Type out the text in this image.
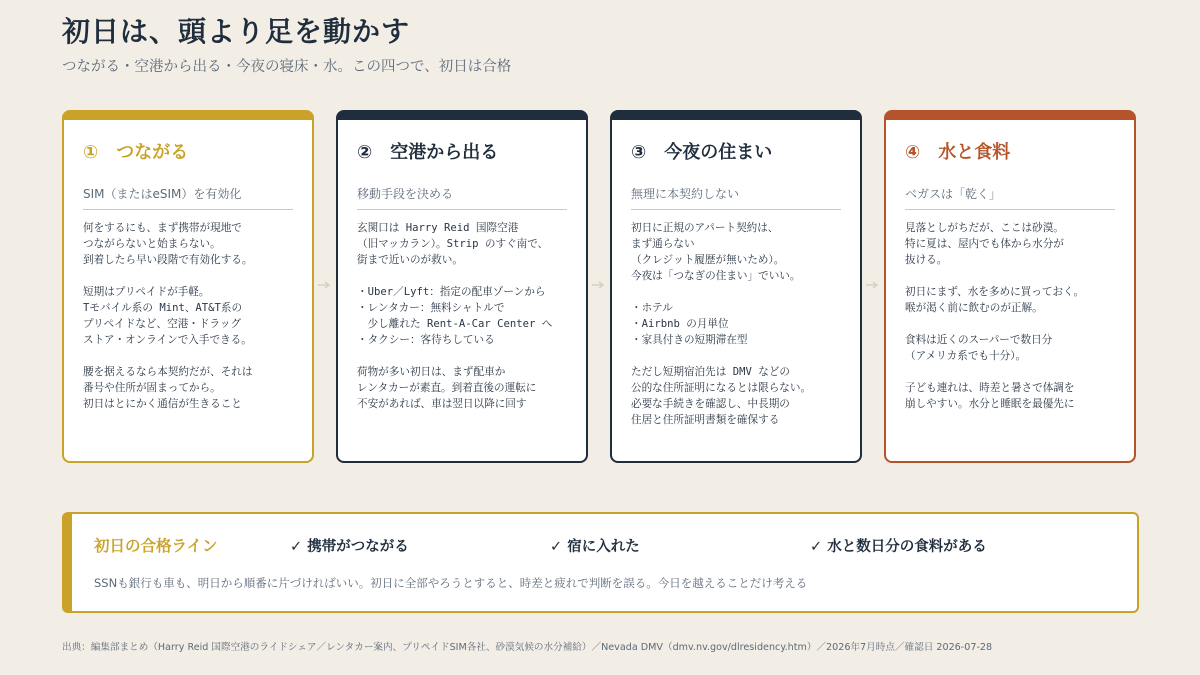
初日は、頭より足を動かす
つながる・空港から出る・今夜の寝床・水。この四つで、初日は合格
①　つながる
SIM（またはeSIM）を有効化
何をするにも、まず携帯が現地で
つながらないと始まらない。
到着したら早い段階で有効化する。

短期はプリペイドが手軽。
Tモバイル系の Mint、AT&T系の
プリペイドなど、空港・ドラッグ
ストア・オンラインで入手できる。

腰を据えるなら本契約だが、それは
番号や住所が固まってから。
初日はとにかく通信が生きること
②　空港から出る
移動手段を決める
玄関口は Harry Reid 国際空港
（旧マッカラン）。Strip のすぐ南で、
街まで近いのが救い。

・Uber／Lyft：指定の配車ゾーンから
・レンタカー：無料シャトルで
　少し離れた Rent-A-Car Center へ
・タクシー：客待ちしている

荷物が多い初日は、まず配車か
レンタカーが素直。到着直後の運転に
不安があれば、車は翌日以降に回す
③　今夜の住まい
無理に本契約しない
初日に正規のアパート契約は、
まず通らない
（クレジット履歴が無いため）。
今夜は「つなぎの住まい」でいい。

・ホテル
・Airbnb の月単位
・家具付きの短期滞在型

ただし短期宿泊先は DMV などの
公的な住所証明になるとは限らない。
必要な手続きを確認し、中長期の
住居と住所証明書類を確保する
④　水と食料
ベガスは「乾く」
見落としがちだが、ここは砂漠。
特に夏は、屋内でも体から水分が
抜ける。

初日にまず、水を多めに買っておく。
喉が渇く前に飲むのが正解。

食料は近くのスーパーで数日分
（アメリカ系でも十分）。

子ども連れは、時差と暑さで体調を
崩しやすい。水分と睡眠を最優先に
初日の合格ライン	✓ 携帯がつながる	✓ 宿に入れた	✓ 水と数日分の食料がある
SSNも銀行も車も、明日から順番に片づければいい。初日に全部やろうとすると、時差と疲れで判断を誤る。今日を越えることだけ考える
出典：編集部まとめ（Harry Reid 国際空港のライドシェア／レンタカー案内、プリペイドSIM各社、砂漠気候の水分補給）／Nevada DMV（dmv.nv.gov/dlresidency.htm）／2026年7月時点／確認日 2026-07-28
